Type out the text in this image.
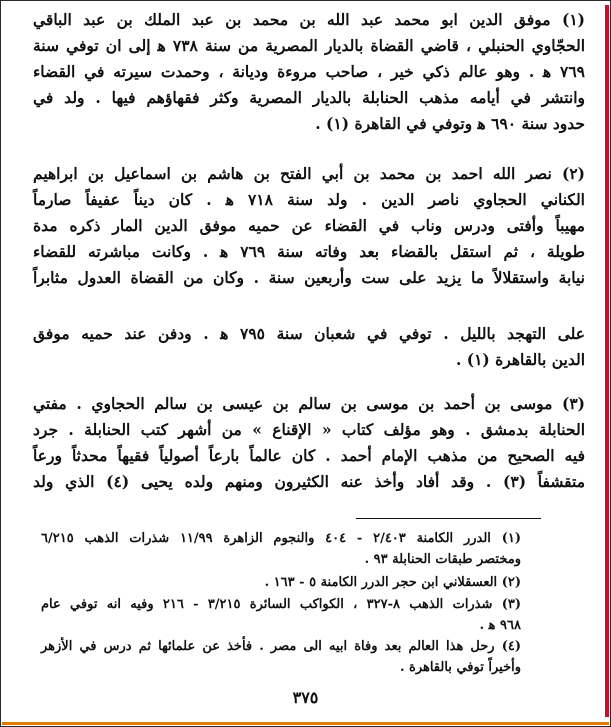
(١) موفق الدين ابو محمد عبد الله بن محمد بن عبد الملك بن عبد الباقي
الحجّاوي الحنبلي ، قاضي القضاة بالديار المصرية من سنة ٧٣٨ ﻫ إلى ان توفي سنة
٧٦٩ ﻫ . وهو عالم ذكي خير ، صاحب مروءة وديانة ، وحمدت سيرته في القضاء
وانتشر في أيامه مذهب الحنابلة بالديار المصرية وكثر فقهاؤهم فيها . ولد في
حدود سنة ٦٩٠ ﻫ وتوفي في القاهرة (١) .
(٢) نصر الله احمد بن محمد بن أبي الفتح بن هاشم بن اسماعيل بن ابراهيم
الكناني الحجاوي ناصر الدين . ولد سنة ٧١٨ ﻫ . كان ديناً عفيفاً صارماً
مهيباً وأفتى ودرس وناب في القضاء عن حميه موفق الدين المار ذكره مدة
طويلة ، ثم استقل بالقضاء بعد وفاته سنة ٧٦٩ ﻫ . وكانت مباشرته للقضاء
نيابة واستقلالاً ما يزيد على ست وأربعين سنة . وكان من القضاة العدول مثابراً
على التهجد بالليل . توفي في شعبان سنة ٧٩٥ ﻫ . ودفن عند حميه موفق
الدين بالقاهرة (١) .
(٣) موسى بن أحمد بن موسى بن سالم بن عيسى بن سالم الحجاوي . مفتي
الحنابلة بدمشق . وهو مؤلف كتاب « الإقناع » من أشهر كتب الحنابلة . جرد
فيه الصحيح من مذهب الإمام أحمد . كان عالماً بارعاً أصولياً فقيهاً محدثاً ورعاً
متقشفاً (٣) . وقد أفاد وأخذ عنه الكثيرون ومنهم ولده يحيى (٤) الذي ولد
(١) الدرر الكامنة ٢/٤٠٣ - ٤٠٤ والنجوم الزاهرة ١١/٩٩ شذرات الذهب ٦/٢١٥
ومختصر طبقات الحنابلة ٩٣ .
(٢) العسقلاني ابن حجر الدرر الكامنة ٥ - ١٦٣ .
(٣) شذرات الذهب ٨-٣٢٧ ، الكواكب السائرة ٣/٢١٥ - ٢١٦ وفيه انه توفي عام
٩٦٨ ﻫ .
(٤) رحل هذا العالم بعد وفاة ابيه الى مصر . فأخذ عن علمائها ثم درس في الأزهر
وأخيراً توفي بالقاهرة .
٣٧٥
